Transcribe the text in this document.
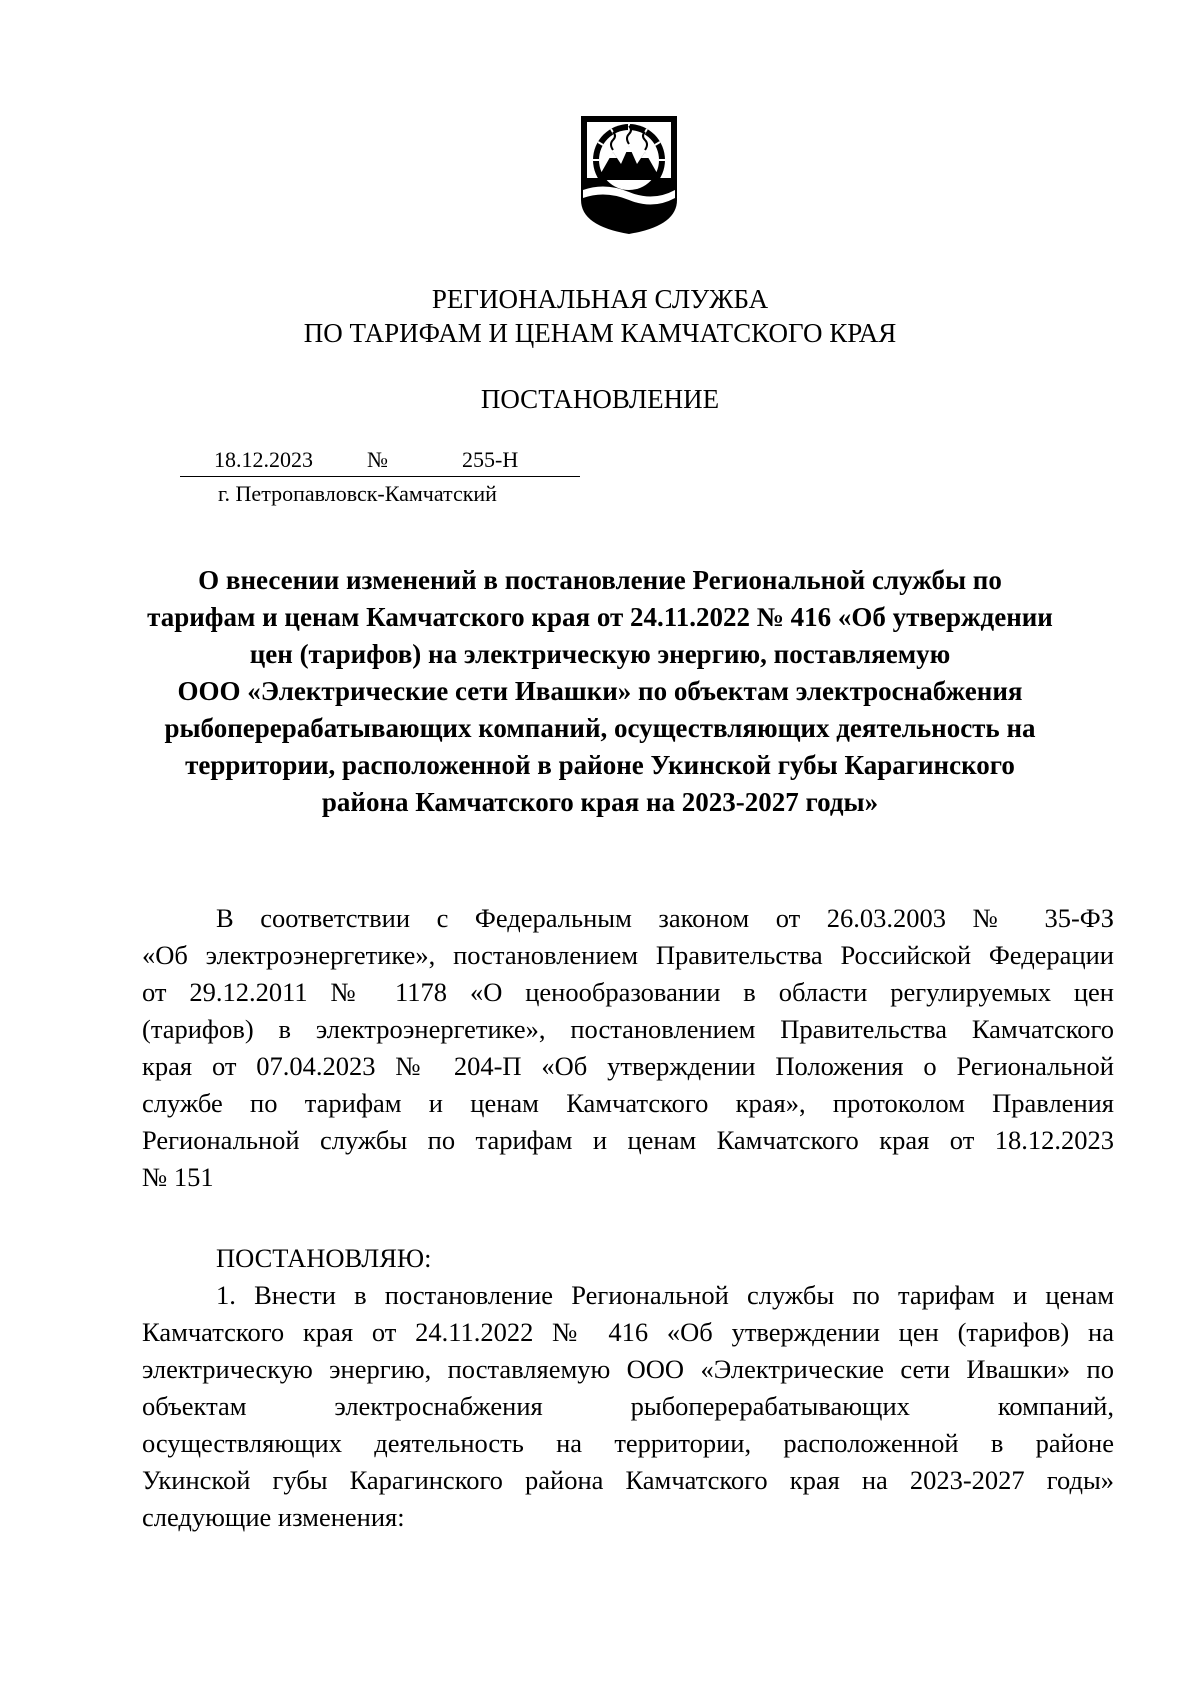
РЕГИОНАЛЬНАЯ СЛУЖБА
ПО ТАРИФАМ И ЦЕНАМ КАМЧАТСКОГО КРАЯ
ПОСТАНОВЛЕНИЕ
18.12.2023 №	255-Н
г. Петропавловск-Камчатский
О внесении изменений в постановление Региональной службы по
тарифам и ценам Камчатского края от 24.11.2022 № 416 «Об утверждении
цен (тарифов) на электрическую энергию, поставляемую
ООО «Электрические сети Ивашки» по объектам электроснабжения
рыбоперерабатывающих компаний, осуществляющих деятельность на
территории, расположенной в районе Укинской губы Карагинского
района Камчатского края на 2023-2027 годы»
В соответствии с Федеральным законом от 26.03.2003 № 35-ФЗ
«Об электроэнергетике», постановлением Правительства Российской Федерации
от 29.12.2011 № 1178 «О ценообразовании в области регулируемых цен
(тарифов) в электроэнергетике», постановлением Правительства Камчатского
края от 07.04.2023 № 204-П «Об утверждении Положения о Региональной
службе по тарифам и ценам Камчатского края», протоколом Правления
Региональной службы по тарифам и ценам Камчатского края от 18.12.2023
№ 151
ПОСТАНОВЛЯЮ:
1. Внести в постановление Региональной службы по тарифам и ценам
Камчатского края от 24.11.2022 № 416 «Об утверждении цен (тарифов) на
электрическую энергию, поставляемую ООО «Электрические сети Ивашки» по
объектам электроснабжения рыбоперерабатывающих компаний,
осуществляющих деятельность на территории, расположенной в районе
Укинской губы Карагинского района Камчатского края на 2023-2027 годы»
следующие изменения:
